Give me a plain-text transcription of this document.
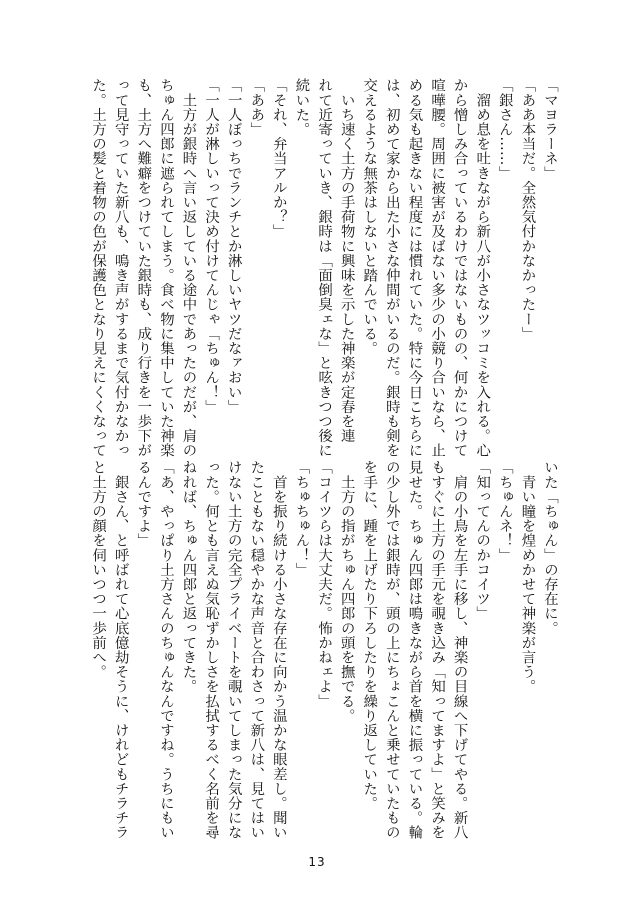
「マヨラーネ」
「ああ本当だ。全然気付かなかったー」
「銀さん……」
　溜め息を吐きながら新八が小さなツッコミを入れる。心
から憎しみ合っているわけではないものの、何かにつけて
喧嘩腰。周囲に被害が及ばない多少の小競り合いなら、止
める気も起きない程度には慣れていた。特に今日こちらに
は、初めて家から出た小さな仲間がいるのだ。銀時も剣を
交えるような無茶はしないと踏んでいる。
　いち速く土方の手荷物に興味を示した神楽が定春を連
れて近寄っていき、銀時は「面倒臭ェな」と呟きつつ後に
続いた。
「それ、弁当アルか？」
「ああ」
「一人ぼっちでランチとか淋しいヤツだなァおい」
「一人が淋しいって決め付けてんじゃ「ちゅん！」
　土方が銀時へ言い返している途中であったのだが、肩の
ちゅん四郎に遮られてしまう。食べ物に集中していた神楽
も、土方へ難癖をつけていた銀時も、成り行きを一歩下が
って見守っていた新八も、鳴き声がするまで気付かなかっ
た。土方の髪と着物の色が保護色となり見えにくくなって
いた「ちゅん」の存在に。
　青い瞳を煌めかせて神楽が言う。
「ちゅんネ！」
「知ってんのかコイツ」
　肩の小鳥を左手に移し、神楽の目線へ下げてやる。新八
もすぐに土方の手元を覗き込み「知ってますよ」と笑みを
見せた。ちゅん四郎は鳴きながら首を横に振っている。輪
の少し外では銀時が、頭の上にちょこんと乗せていたもの
を手に、踵を上げたり下ろしたりを繰り返していた。
　土方の指がちゅん四郎の頭を撫でる。
「コイツらは大丈夫だ。怖かねェよ」
「ちゅちゅん！」
　首を振り続ける小さな存在に向かう温かな眼差し。聞い
たこともない穏やかな声音と合わさって新八は、見てはい
けない土方の完全プライベートを覗いてしまった気分にな
った。何とも言えぬ気恥ずかしさを払拭するべく名前を尋
ねれば、ちゅん四郎と返ってきた。
「あ、やっぱり土方さんのちゅんなんですね。うちにもい
るんですよ」
　銀さん、と呼ばれて心底億劫そうに、けれどもチラチラ
と土方の顔を伺いつつ一歩前へ。
13
